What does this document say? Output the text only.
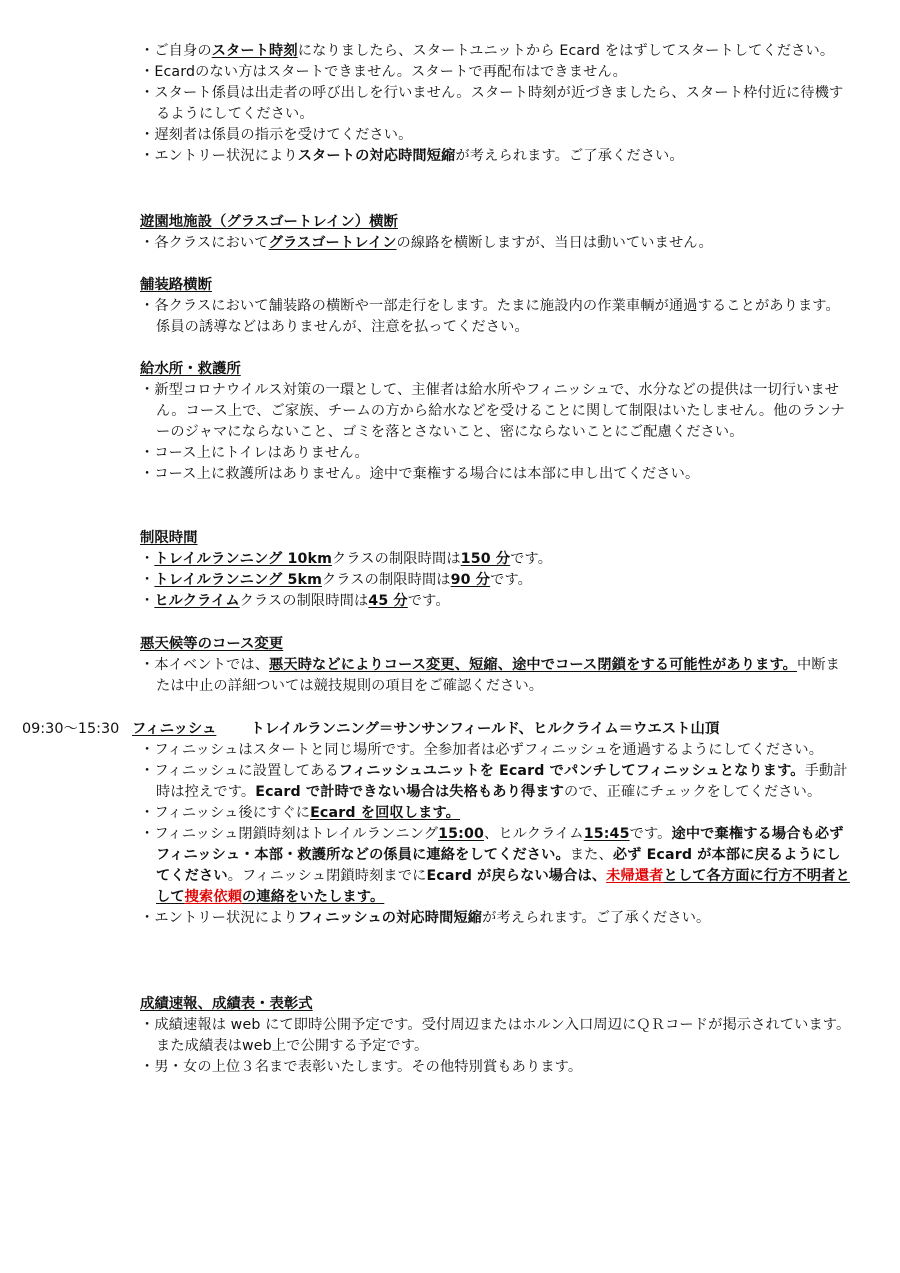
・ご自身のスタート時刻になりましたら、スタートユニットから Ecard をはずしてスタートしてください。
・Ecardのない方はスタートできません。スタートで再配布はできません。
・スタート係員は出走者の呼び出しを行いません。スタート時刻が近づきましたら、スタート枠付近に待機するようにしてください。
・遅刻者は係員の指示を受けてください。
・エントリー状況によりスタートの対応時間短縮が考えられます。ご了承ください。
遊園地施設（グラスゴートレイン）横断
・各クラスにおいてグラスゴートレインの線路を横断しますが、当日は動いていません。
舗装路横断
・各クラスにおいて舗装路の横断や一部走行をします。たまに施設内の作業車輌が通過することがあります。係員の誘導などはありませんが、注意を払ってください。
給水所・救護所
・新型コロナウイルス対策の一環として、主催者は給水所やフィニッシュで、水分などの提供は一切行いません。コース上で、ご家族、チームの方から給水などを受けることに関して制限はいたしません。他のランナーのジャマにならないこと、ゴミを落とさないこと、密にならないことにご配慮ください。
・コース上にトイレはありません。
・コース上に救護所はありません。途中で棄権する場合には本部に申し出てください。
制限時間
・トレイルランニング 10kmクラスの制限時間は150 分です。
・トレイルランニング 5kmクラスの制限時間は90 分です。
・ヒルクライムクラスの制限時間は45 分です。
悪天候等のコース変更
・本イベントでは、悪天時などによりコース変更、短縮、途中でコース閉鎖をする可能性があります。中断または中止の詳細ついては競技規則の項目をご確認ください。
09:30～15:30 フィニッシュ トレイルランニング＝サンサンフィールド、ヒルクライム＝ウエスト山頂
・フィニッシュはスタートと同じ場所です。全参加者は必ずフィニッシュを通過するようにしてください。
・フィニッシュに設置してあるフィニッシュユニットを Ecard でパンチしてフィニッシュとなります。手動計時は控えです。Ecard で計時できない場合は失格もあり得ますので、正確にチェックをしてください。
・フィニッシュ後にすぐにEcard を回収します。
・フィニッシュ閉鎖時刻はトレイルランニング15:00、ヒルクライム15:45です。途中で棄権する場合も必ずフィニッシュ・本部・救護所などの係員に連絡をしてください。また、必ず Ecard が本部に戻るようにしてください。フィニッシュ閉鎖時刻までにEcard が戻らない場合は、未帰還者として各方面に行方不明者として捜索依頼の連絡をいたします。
・エントリー状況によりフィニッシュの対応時間短縮が考えられます。ご了承ください。
成績速報、成績表・表彰式
・成績速報は web にて即時公開予定です。受付周辺またはホルン入口周辺にＱＲコードが掲示されています。また成績表はweb上で公開する予定です。
・男・女の上位３名まで表彰いたします。その他特別賞もあります。
